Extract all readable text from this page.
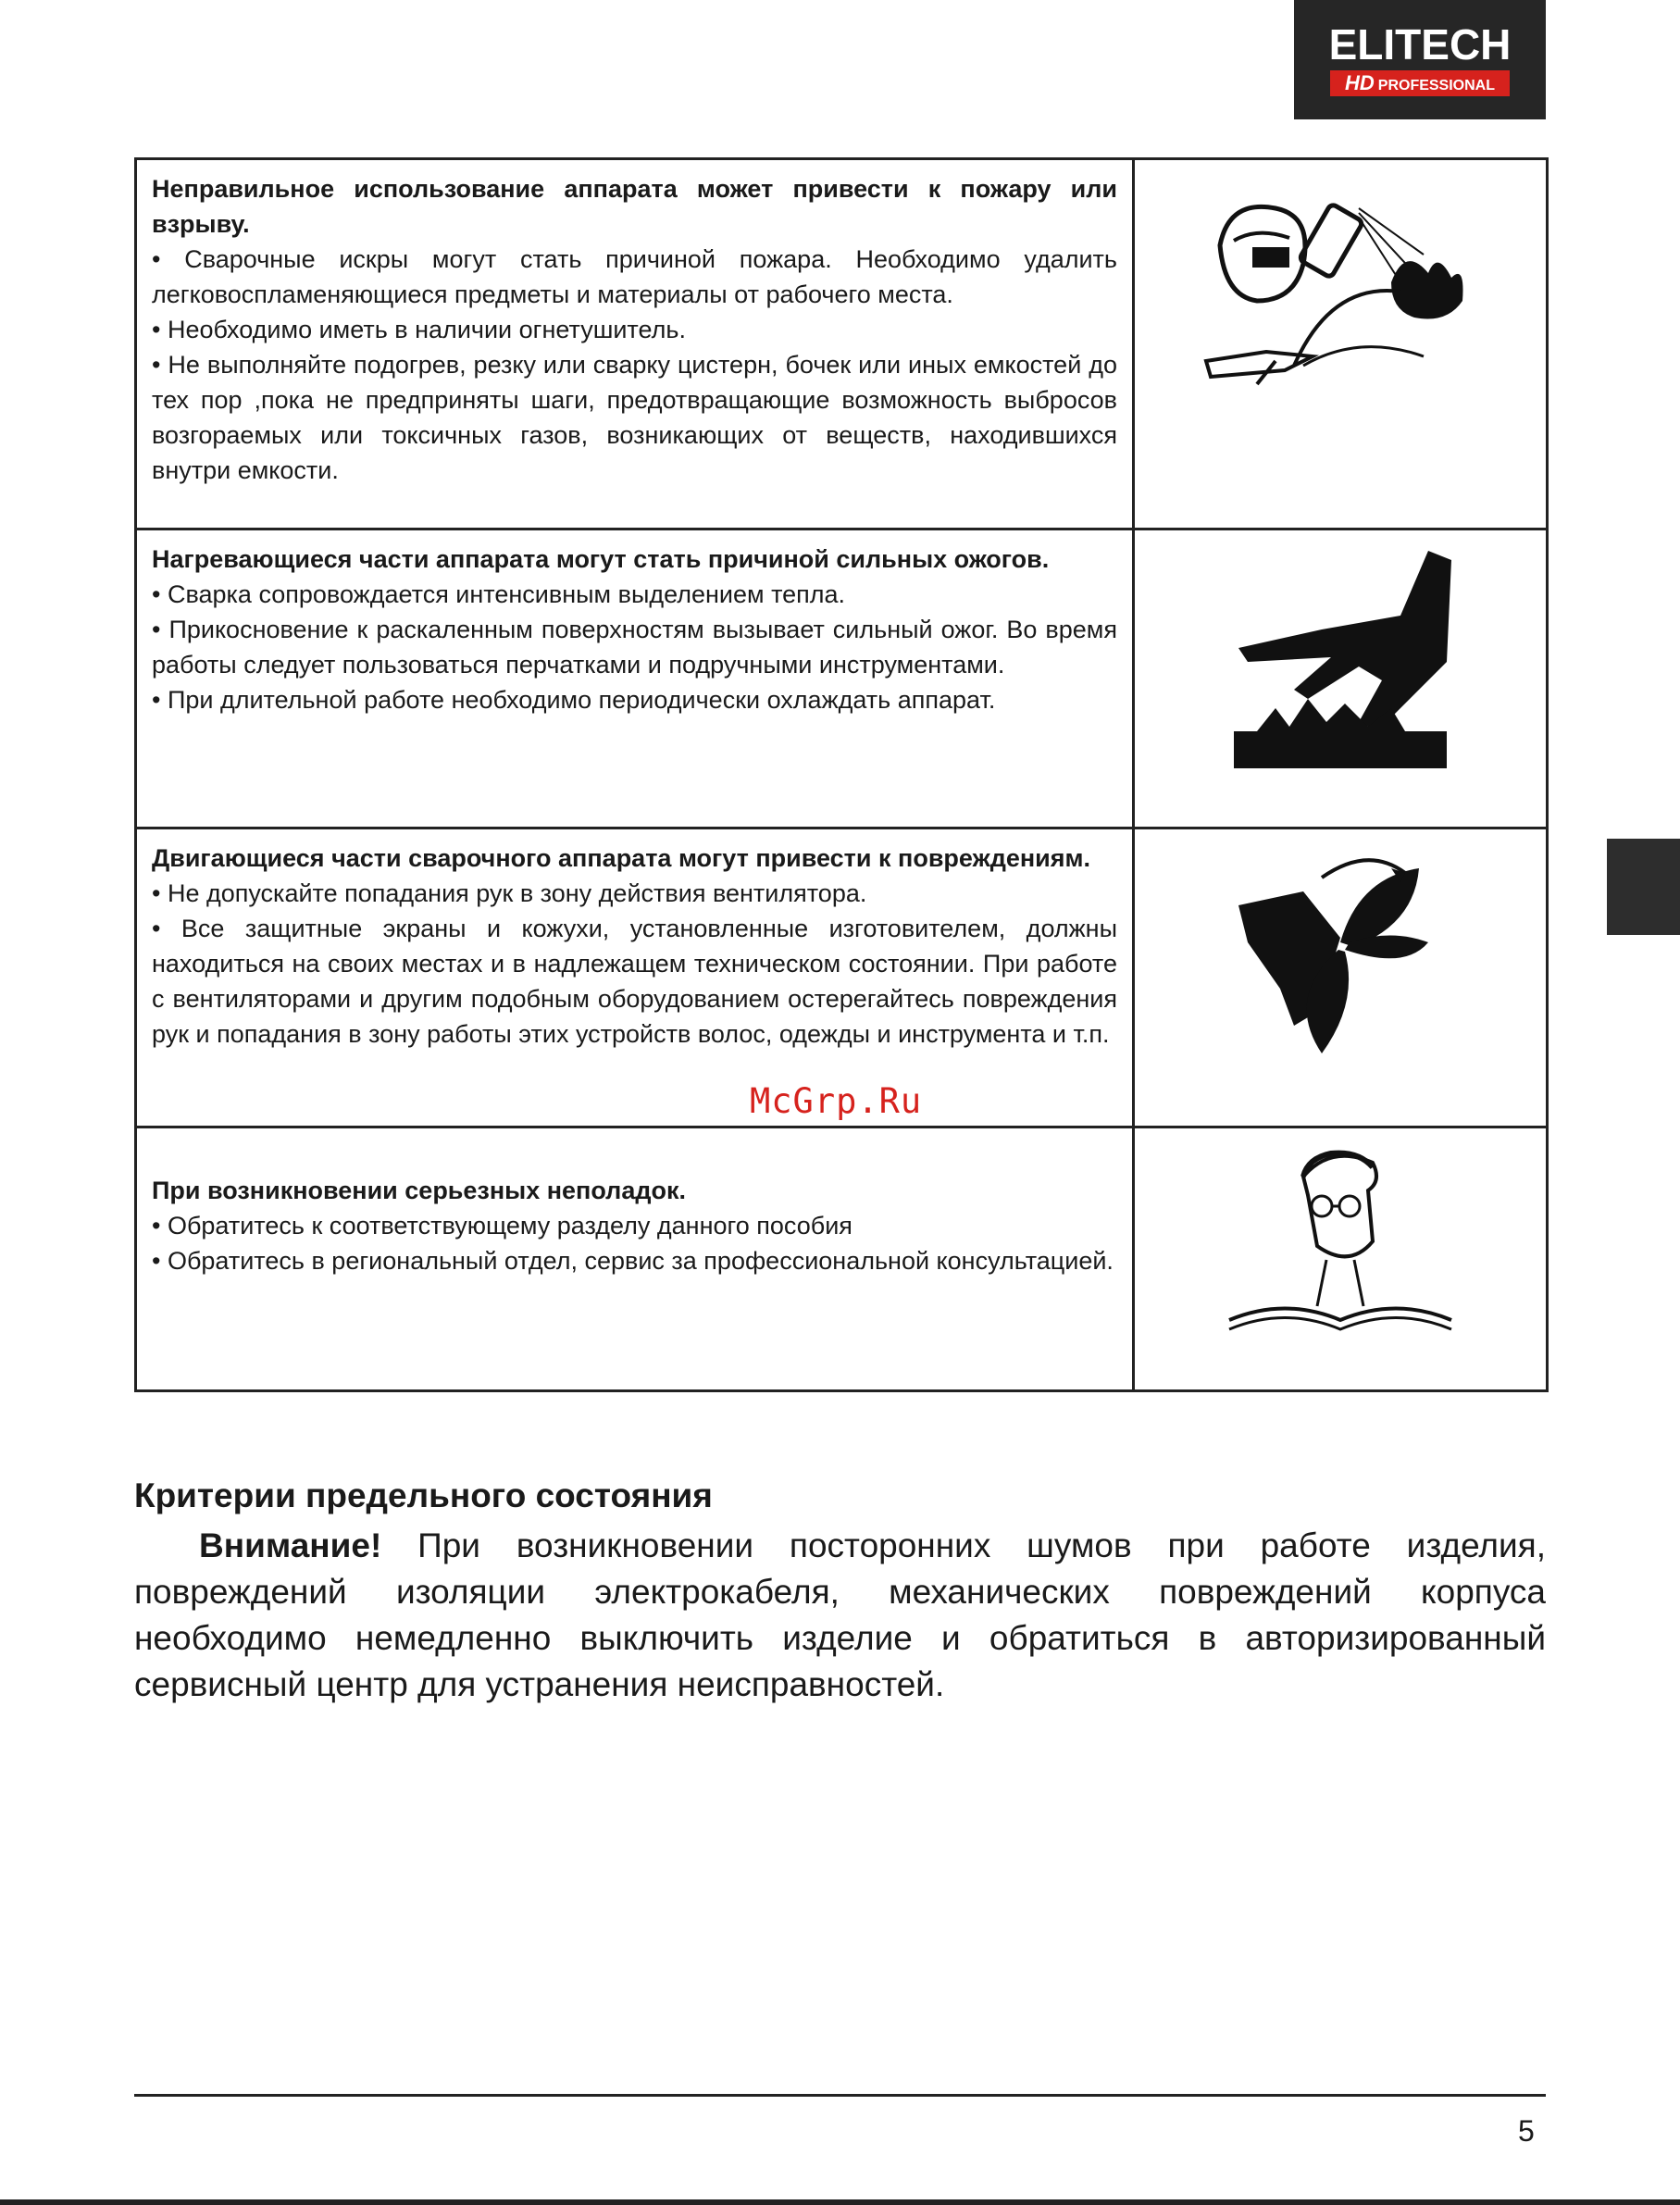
ELITECH
HD PROFESSIONAL
Неправильное использование аппарата может привести к пожару или взрыву.
• Сварочные искры могут стать причиной пожара. Необходимо удалить легковоспламеняющиеся предметы и материалы от рабочего места.
• Необходимо иметь в наличии огнетушитель.
• Не выполняйте подогрев, резку или сварку цистерн, бочек или иных емкостей до тех пор ,пока не предприняты шаги, предотвращающие возможность выбросов возгораемых или токсичных газов, возникающих от веществ, находившихся внутри емкости.

Нагревающиеся части аппарата могут стать причиной сильных ожогов.
• Сварка сопровождается интенсивным выделением тепла.
• Прикосновение к раскаленным поверхностям вызывает сильный ожог. Во время работы следует пользоваться перчатками и подручными инструментами.
• При длительной работе необходимо периодически охлаждать аппарат.

Двигающиеся части сварочного аппарата могут привести к повреждениям.
• Не допускайте попадания рук в зону действия вентилятора.
• Все защитные экраны и кожухи, установленные изготовителем, должны находиться на своих местах и в надлежащем техническом состоянии. При работе с вентиляторами и другим подобным оборудованием остерегайтесь повреждения рук и попадания в зону работы этих устройств волос, одежды и инструмента и т.п.

При возникновении серьезных неполадок.
• Обратитесь к соответствующему разделу данного пособия
• Обратитесь в региональный отдел, сервис за профессиональной консультацией.

McGrp.Ru
Критерии предельного состояния

Внимание! При возникновении посторонних шумов при работе изделия, повреждений изоляции электрокабеля, механических повреждений корпуса необходимо немедленно выключить изделие и обратиться в авторизированный сервисный центр для устранения неисправностей.

5
